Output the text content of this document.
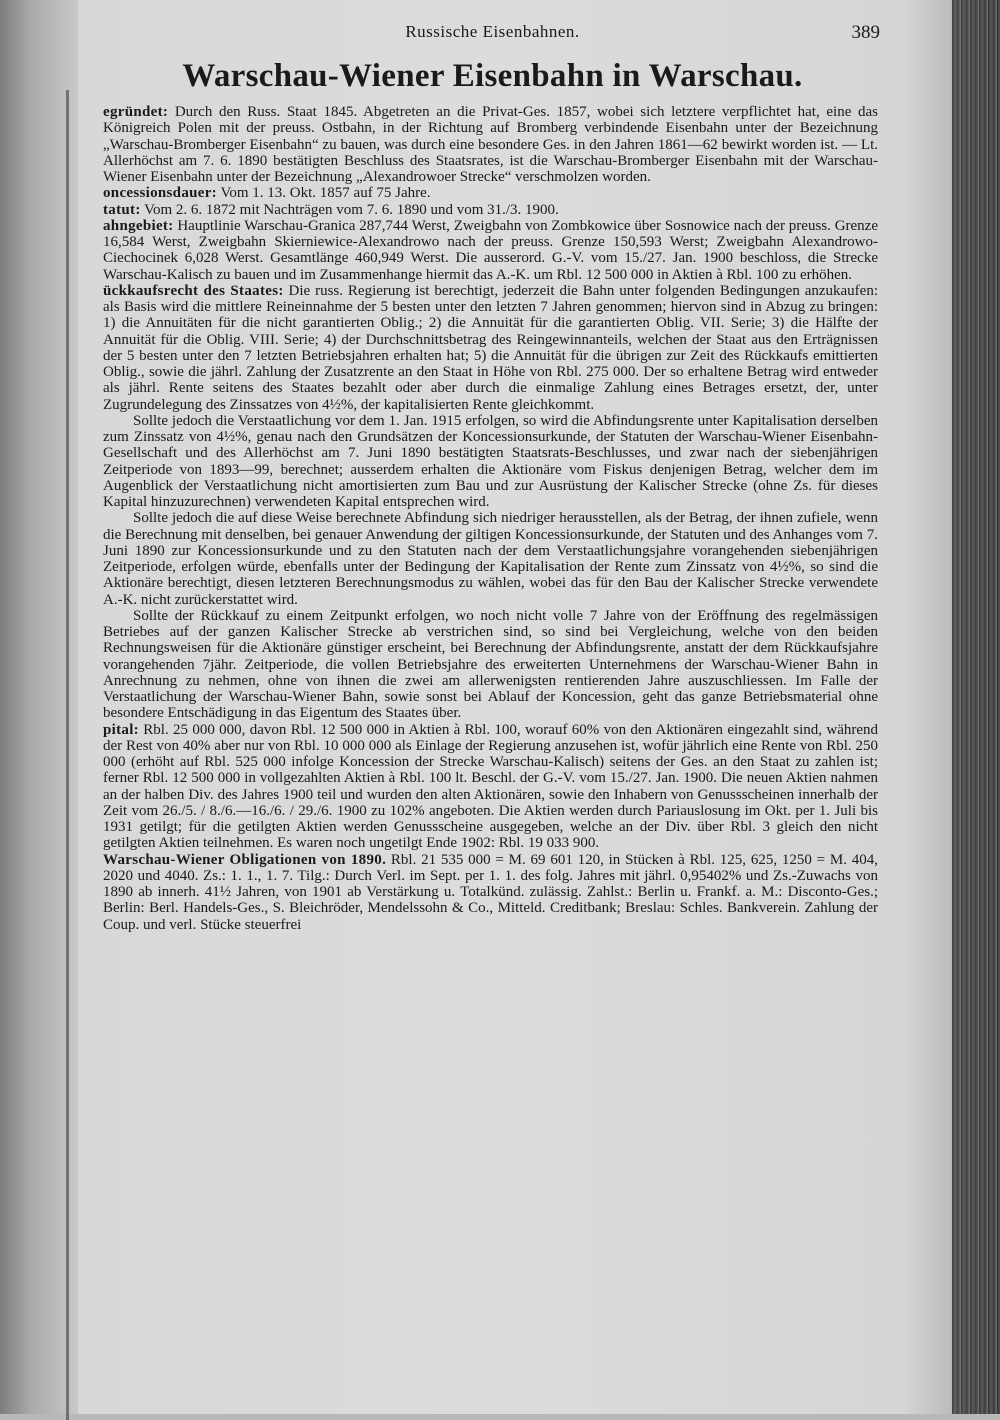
Russische Eisenbahnen.	389
Warschau-Wiener Eisenbahn in Warschau.

egründet: Durch den Russ. Staat 1845. Abgetreten an die Privat-Ges. 1857, wobei sich letztere verpflichtet hat, eine das Königreich Polen mit der preuss. Ostbahn, in der Richtung auf Bromberg verbindende Eisenbahn unter der Bezeichnung „Warschau-Bromberger Eisenbahn“ zu bauen, was durch eine besondere Ges. in den Jahren 1861—62 bewirkt worden ist. — Lt. Allerhöchst am 7. 6. 1890 bestätigten Beschluss des Staatsrates, ist die Warschau-Bromberger Eisenbahn mit der Warschau-Wiener Eisenbahn unter der Bezeichnung „Alexandrowoer Strecke“ verschmolzen worden.

oncessionsdauer: Vom 1. 13. Okt. 1857 auf 75 Jahre.

tatut: Vom 2. 6. 1872 mit Nachträgen vom 7. 6. 1890 und vom 31./3. 1900.

ahngebiet: Hauptlinie Warschau-Granica 287,744 Werst, Zweigbahn von Zombkowice über Sosnowice nach der preuss. Grenze 16,584 Werst, Zweigbahn Skierniewice-Alexandrowo nach der preuss. Grenze 150,593 Werst; Zweigbahn Alexandrowo-Ciechocinek 6,028 Werst. Gesamtlänge 460,949 Werst. Die ausserord. G.-V. vom 15./27. Jan. 1900 beschloss, die Strecke Warschau-Kalisch zu bauen und im Zusammenhange hiermit das A.-K. um Rbl. 12 500 000 in Aktien à Rbl. 100 zu erhöhen.

ückkaufsrecht des Staates: Die russ. Regierung ist berechtigt, jederzeit die Bahn unter folgenden Bedingungen anzukaufen: als Basis wird die mittlere Reineinnahme der 5 besten unter den letzten 7 Jahren genommen; hiervon sind in Abzug zu bringen: 1) die Annuitäten für die nicht garantierten Oblig.; 2) die Annuität für die garantierten Oblig. VII. Serie; 3) die Hälfte der Annuität für die Oblig. VIII. Serie; 4) der Durchschnittsbetrag des Reingewinnanteils, welchen der Staat aus den Erträgnissen der 5 besten unter den 7 letzten Betriebsjahren erhalten hat; 5) die Annuität für die übrigen zur Zeit des Rückkaufs emittierten Oblig., sowie die jährl. Zahlung der Zusatzrente an den Staat in Höhe von Rbl. 275 000. Der so erhaltene Betrag wird entweder als jährl. Rente seitens des Staates bezahlt oder aber durch die einmalige Zahlung eines Betrages ersetzt, der, unter Zugrundelegung des Zinssatzes von 4½%, der kapitalisierten Rente gleichkommt.

Sollte jedoch die Verstaatlichung vor dem 1. Jan. 1915 erfolgen, so wird die Abfindungsrente unter Kapitalisation derselben zum Zinssatz von 4½%, genau nach den Grundsätzen der Koncessionsurkunde, der Statuten der Warschau-Wiener Eisenbahn-Gesellschaft und des Allerhöchst am 7. Juni 1890 bestätigten Staatsrats-Beschlusses, und zwar nach der siebenjährigen Zeitperiode von 1893—99, berechnet; ausserdem erhalten die Aktionäre vom Fiskus denjenigen Betrag, welcher dem im Augenblick der Verstaatlichung nicht amortisierten zum Bau und zur Ausrüstung der Kalischer Strecke (ohne Zs. für dieses Kapital hinzuzurechnen) verwendeten Kapital entsprechen wird.

Sollte jedoch die auf diese Weise berechnete Abfindung sich niedriger herausstellen, als der Betrag, der ihnen zufiele, wenn die Berechnung mit denselben, bei genauer Anwendung der giltigen Koncessionsurkunde, der Statuten und des Anhanges vom 7. Juni 1890 zur Koncessionsurkunde und zu den Statuten nach der dem Verstaatlichungsjahre vorangehenden siebenjährigen Zeitperiode, erfolgen würde, ebenfalls unter der Bedingung der Kapitalisation der Rente zum Zinssatz von 4½%, so sind die Aktionäre berechtigt, diesen letzteren Berechnungsmodus zu wählen, wobei das für den Bau der Kalischer Strecke verwendete A.-K. nicht zurückerstattet wird.

Sollte der Rückkauf zu einem Zeitpunkt erfolgen, wo noch nicht volle 7 Jahre von der Eröffnung des regelmässigen Betriebes auf der ganzen Kalischer Strecke ab verstrichen sind, so sind bei Vergleichung, welche von den beiden Rechnungsweisen für die Aktionäre günstiger erscheint, bei Berechnung der Abfindungsrente, anstatt der dem Rückkaufsjahre vorangehenden 7jähr. Zeitperiode, die vollen Betriebsjahre des erweiterten Unternehmens der Warschau-Wiener Bahn in Anrechnung zu nehmen, ohne von ihnen die zwei am allerwenigsten rentierenden Jahre auszuschliessen. Im Falle der Verstaatlichung der Warschau-Wiener Bahn, sowie sonst bei Ablauf der Koncession, geht das ganze Betriebsmaterial ohne besondere Entschädigung in das Eigentum des Staates über.

pital: Rbl. 25 000 000, davon Rbl. 12 500 000 in Aktien à Rbl. 100, worauf 60% von den Aktionären eingezahlt sind, während der Rest von 40% aber nur von Rbl. 10 000 000 als Einlage der Regierung anzusehen ist, wofür jährlich eine Rente von Rbl. 250 000 (erhöht auf Rbl. 525 000 infolge Koncession der Strecke Warschau-Kalisch) seitens der Ges. an den Staat zu zahlen ist; ferner Rbl. 12 500 000 in vollgezahlten Aktien à Rbl. 100 lt. Beschl. der G.-V. vom 15./27. Jan. 1900. Die neuen Aktien nahmen an der halben Div. des Jahres 1900 teil und wurden den alten Aktionären, sowie den Inhabern von Genussscheinen innerhalb der Zeit vom 26./5. / 8./6.—16./6. / 29./6. 1900 zu 102% angeboten. Die Aktien werden durch Pariauslosung im Okt. per 1. Juli bis 1931 getilgt; für die getilgten Aktien werden Genussscheine ausgegeben, welche an der Div. über Rbl. 3 gleich den nicht getilgten Aktien teilnehmen. Es waren noch ungetilgt Ende 1902: Rbl. 19 033 900.

Warschau-Wiener Obligationen von 1890. Rbl. 21 535 000 = M. 69 601 120, in Stücken à Rbl. 125, 625, 1250 = M. 404, 2020 und 4040. Zs.: 1. 1., 1. 7. Tilg.: Durch Verl. im Sept. per 1. 1. des folg. Jahres mit jährl. 0,95402% und Zs.-Zuwachs von 1890 ab innerh. 41½ Jahren, von 1901 ab Verstärkung u. Totalkünd. zulässig. Zahlst.: Berlin u. Frankf. a. M.: Disconto-Ges.; Berlin: Berl. Handels-Ges., S. Bleichröder, Mendelssohn & Co., Mitteld. Creditbank; Breslau: Schles. Bankverein. Zahlung der Coup. und verl. Stücke steuerfrei
